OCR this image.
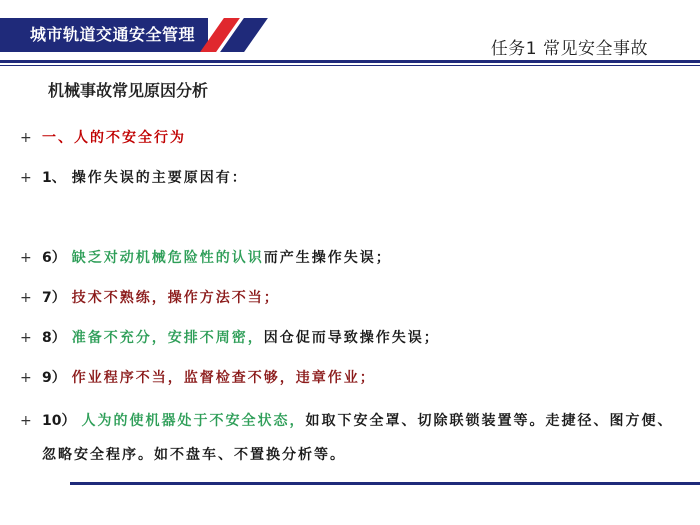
城市轨道交通安全管理
任务1 常见安全事故
机械事故常见原因分析
+ 一、人的不安全行为
+ 1、 操作失误的主要原因有：
+ 6） 缺乏对动机械危险性的认识而产生操作失误；
+ 7） 技术不熟练，操作方法不当；
+ 8） 准备不充分，安排不周密，因仓促而导致操作失误；
+ 9） 作业程序不当，监督检查不够，违章作业；
+ 10） 人为的使机器处于不安全状态，如取下安全罩、切除联锁装置等。走捷径、图方便、忽略安全程序。如不盘车、不置换分析等。
